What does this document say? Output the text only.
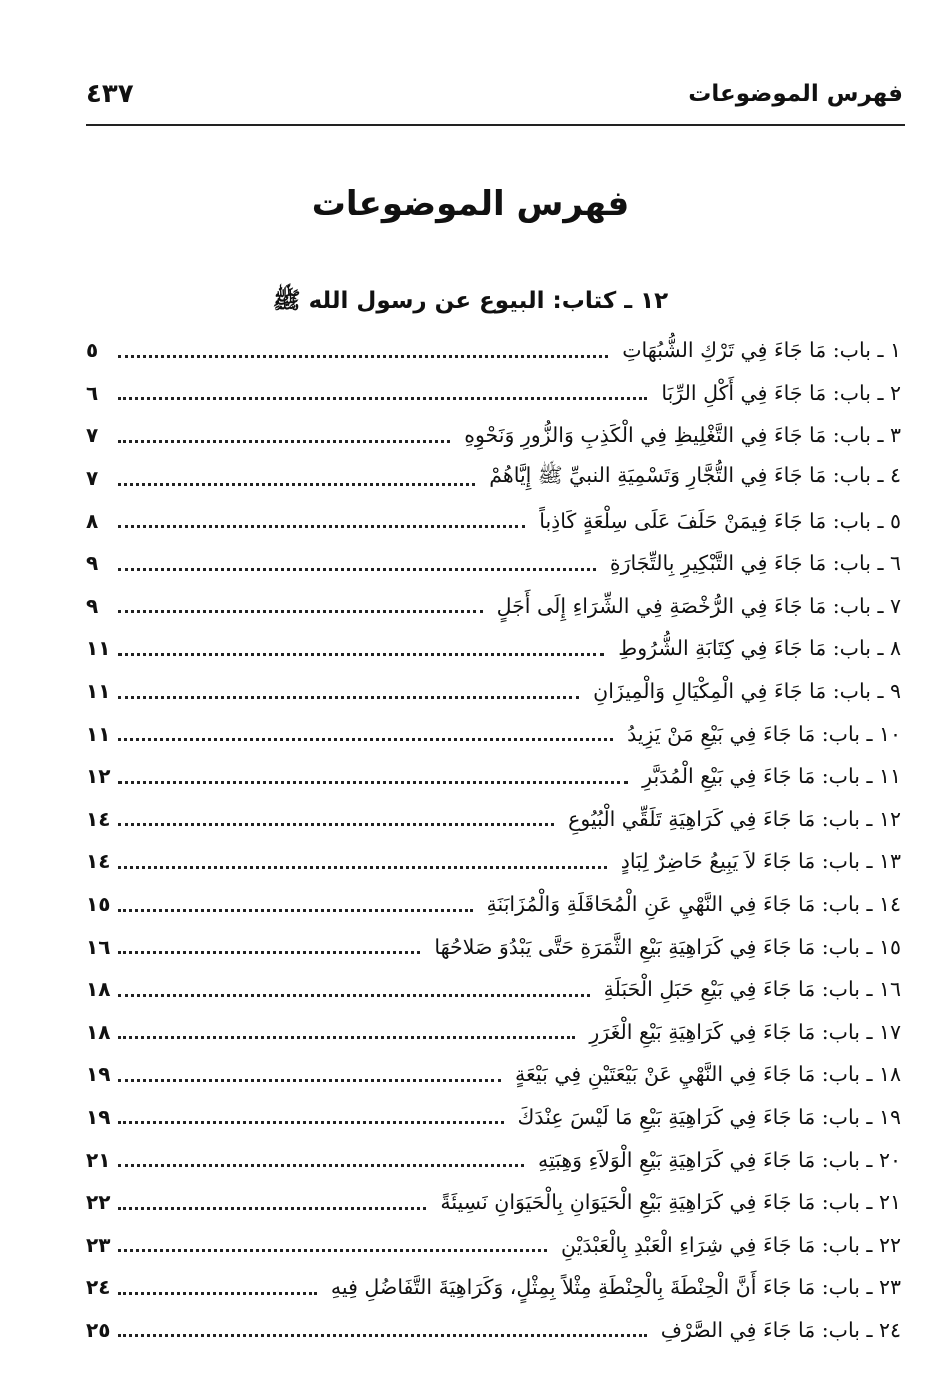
فهرس الموضوعات
٤٣٧
فهرس الموضوعات
١٢ ـ كتاب: البيوع عن رسول الله ﷺ
١ ـ باب: مَا جَاءَ فِي تَرْكِ الشُّبُهَاتِ
٥
٢ ـ باب: مَا جَاءَ فِي أَكْلِ الرِّبَا
٦
٣ ـ باب: مَا جَاءَ فِي التَّغْلِيظِ فِي الْكَذِبِ وَالزُّورِ وَنَحْوِهِ
٧
٤ ـ باب: مَا جَاءَ فِي التُّجَّارِ وَتَسْمِيَةِ النبيِّ ﷺ إِيَّاهُمْ
٧
٥ ـ باب: مَا جَاءَ فِيمَنْ حَلَفَ عَلَى سِلْعَةٍ كَاذِباً
٨
٦ ـ باب: مَا جَاءَ فِي التَّبْكِيرِ بِالتِّجَارَةِ
٩
٧ ـ باب: مَا جَاءَ فِي الرُّخْصَةِ فِي الشِّرَاءِ إِلَى أَجَلٍ
٩
٨ ـ باب: مَا جَاءَ فِي كِتَابَةِ الشُّرُوطِ
١١
٩ ـ باب: مَا جَاءَ فِي الْمِكْيَالِ وَالْمِيزَانِ
١١
١٠ ـ باب: مَا جَاءَ فِي بَيْعِ مَنْ يَزِيدُ
١١
١١ ـ باب: مَا جَاءَ فِي بَيْعِ الْمُدَبَّرِ
١٢
١٢ ـ باب: مَا جَاءَ فِي كَرَاهِيَةِ تَلَقِّي الْبُيُوعِ
١٤
١٣ ـ باب: مَا جَاءَ لاَ يَبِيعُ حَاضِرٌ لِبَادٍ
١٤
١٤ ـ باب: مَا جَاءَ فِي النَّهْيِ عَنِ الْمُحَاقَلَةِ وَالْمُزَابَنَةِ
١٥
١٥ ـ باب: مَا جَاءَ فِي كَرَاهِيَةِ بَيْعِ الثَّمَرَةِ حَتَّى يَبْدُوَ صَلاحُهَا
١٦
١٦ ـ باب: مَا جَاءَ فِي بَيْعِ حَبَلِ الْحَبَلَةِ
١٨
١٧ ـ باب: مَا جَاءَ فِي كَرَاهِيَةِ بَيْعِ الْغَرَرِ
١٨
١٨ ـ باب: مَا جَاءَ فِي النَّهْيِ عَنْ بَيْعَتَيْنِ فِي بَيْعَةٍ
١٩
١٩ ـ باب: مَا جَاءَ فِي كَرَاهِيَةِ بَيْعِ مَا لَيْسَ عِنْدَكَ
١٩
٢٠ ـ باب: مَا جَاءَ فِي كَرَاهِيَةِ بَيْعِ الْوَلاَءِ وَهِبَتِهِ
٢١
٢١ ـ باب: مَا جَاءَ فِي كَرَاهِيَةِ بَيْعِ الْحَيَوَانِ بِالْحَيَوَانِ نَسِيئَةً
٢٢
٢٢ ـ باب: مَا جَاءَ فِي شِرَاءِ الْعَبْدِ بِالْعَبْدَيْنِ
٢٣
٢٣ ـ باب: مَا جَاءَ أَنَّ الْحِنْطَةَ بِالْحِنْطَةِ مِثْلاً بِمِثْلٍ، وَكَرَاهِيَةَ التَّفَاضُلِ فِيهِ
٢٤
٢٤ ـ باب: مَا جَاءَ فِي الصَّرْفِ
٢٥
